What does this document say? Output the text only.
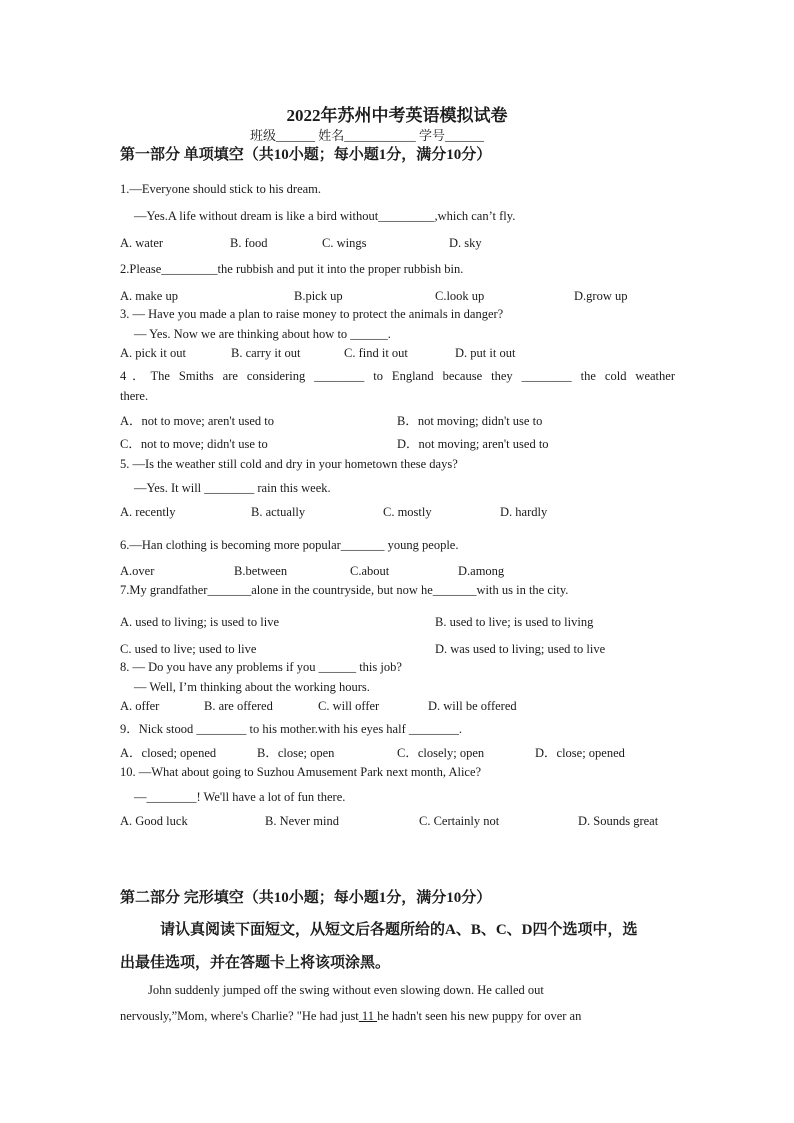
2022年苏州中考英语模拟试卷
班级______ 姓名___________ 学号______
第一部分 单项填空（共10小题；每小题1分，满分10分）
1.—Everyone should stick to his dream.
—Yes.A life without dream is like a bird without_________,which can’t fly.
A. water	B. food	C. wings	D. sky
2.Please_________the rubbish and put it into the proper rubbish bin.
A. make up	B.pick up	C.look up	D.grow up
3. — Have you made a plan to raise money to protect the animals in danger?
— Yes. Now we are thinking about how to ______.
A. pick it out	B. carry it out	C. find it out	D. put it out
4．The Smiths are considering ________ to England because they ________ the cold weather
there.
A．not to move; aren't used to	B．not moving; didn't use to
C．not to move; didn't use to	D．not moving; aren't used to
5. —Is the weather still cold and dry in your hometown these days?
—Yes. It will ________ rain this week.
A. recently	B. actually	C. mostly	D. hardly
6.—Han clothing is becoming more popular_______ young people.
A.over	B.between	C.about	D.among
7.My grandfather_______alone in the countryside, but now he_______with us in the city.
A. used to living; is used to live	B. used to live; is used to living
C. used to live; used to live	D. was used to living; used to live
8. — Do you have any problems if you ______ this job?
— Well, I’m thinking about the working hours.
A. offer	B. are offered	C. will offer	D. will be offered
9．Nick stood ________ to his mother.with his eyes half ________.
A．closed; opened	B．close; open	C．closely; open	D．close; opened
10. —What about going to Suzhou Amusement Park next month, Alice?
—________! We'll have a lot of fun there.
A. Good luck	B. Never mind	C. Certainly not	D. Sounds great
第二部分 完形填空（共10小题；每小题1分，满分10分）
请认真阅读下面短文，从短文后各题所给的A、B、C、D四个选项中，选
出最佳选项，并在答题卡上将该项涂黑。
John suddenly jumped off the swing without even slowing down. He called out
nervously,”Mom, where's Charlie? "He had just 11 he hadn't seen his new puppy for over an
